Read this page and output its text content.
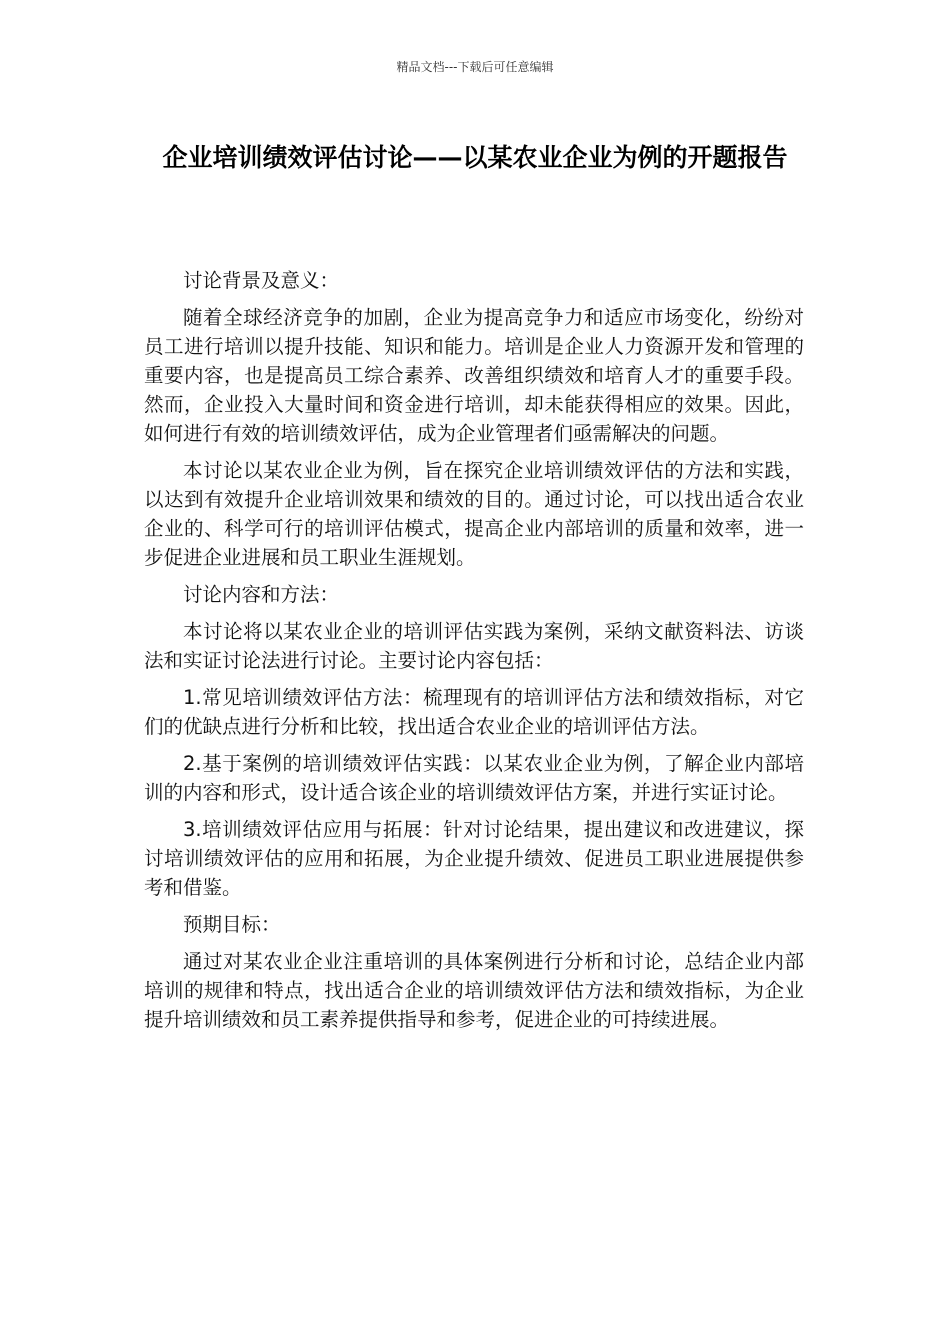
精品文档---下载后可任意编辑
企业培训绩效评估讨论——以某农业企业为例的开题报告

讨论背景及意义：

随着全球经济竞争的加剧，企业为提高竞争力和适应市场变化，纷纷对员工进行培训以提升技能、知识和能力。培训是企业人力资源开发和管理的重要内容，也是提高员工综合素养、改善组织绩效和培育人才的重要手段。然而，企业投入大量时间和资金进行培训，却未能获得相应的效果。因此，如何进行有效的培训绩效评估，成为企业管理者们亟需解决的问题。

本讨论以某农业企业为例，旨在探究企业培训绩效评估的方法和实践，以达到有效提升企业培训效果和绩效的目的。通过讨论，可以找出适合农业企业的、科学可行的培训评估模式，提高企业内部培训的质量和效率，进一步促进企业进展和员工职业生涯规划。

讨论内容和方法：

本讨论将以某农业企业的培训评估实践为案例，采纳文献资料法、访谈法和实证讨论法进行讨论。主要讨论内容包括：

1.常见培训绩效评估方法：梳理现有的培训评估方法和绩效指标，对它们的优缺点进行分析和比较，找出适合农业企业的培训评估方法。

2.基于案例的培训绩效评估实践：以某农业企业为例，了解企业内部培训的内容和形式，设计适合该企业的培训绩效评估方案，并进行实证讨论。

3.培训绩效评估应用与拓展：针对讨论结果，提出建议和改进建议，探讨培训绩效评估的应用和拓展，为企业提升绩效、促进员工职业进展提供参考和借鉴。

预期目标：

通过对某农业企业注重培训的具体案例进行分析和讨论，总结企业内部培训的规律和特点，找出适合企业的培训绩效评估方法和绩效指标，为企业提升培训绩效和员工素养提供指导和参考，促进企业的可持续进展。
